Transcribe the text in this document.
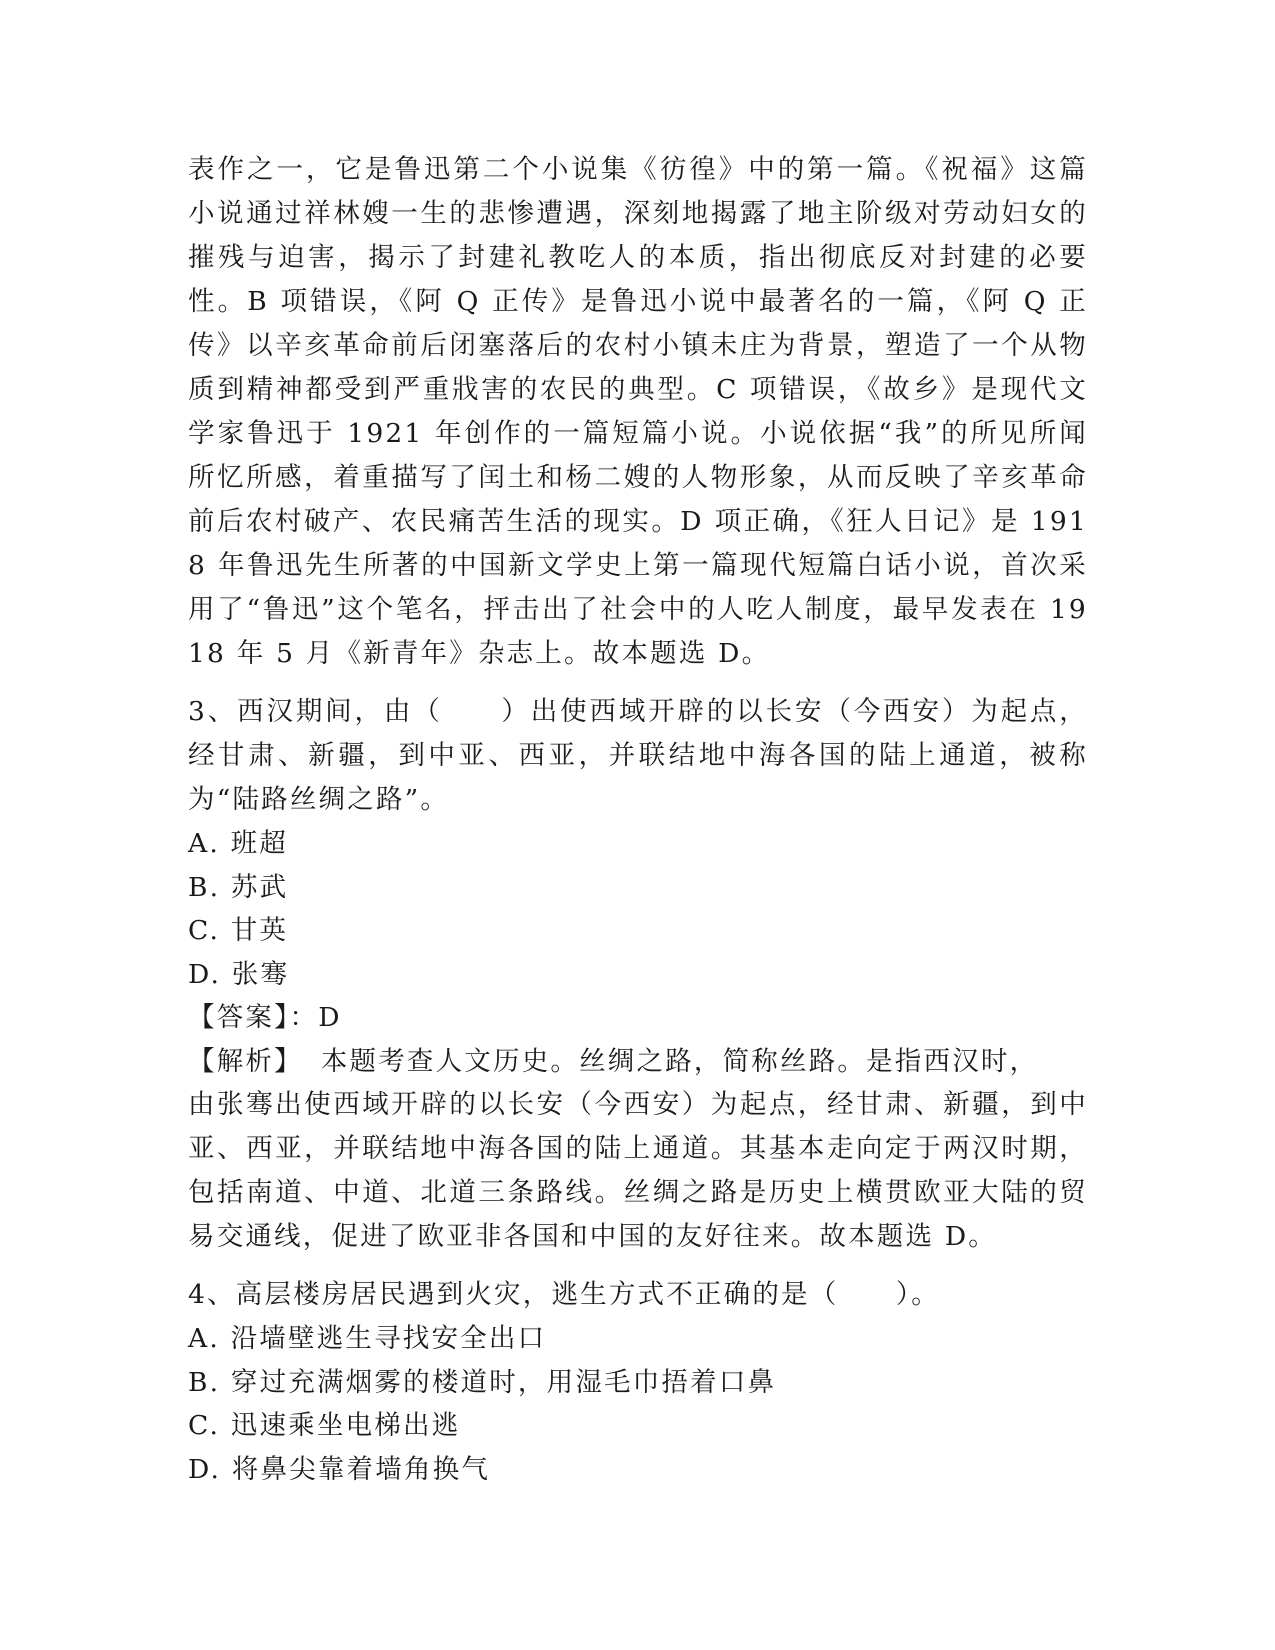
表作之一，它是鲁迅第二个小说集《彷徨》中的第一篇。《祝福》这篇小说通过祥林嫂一生的悲惨遭遇，深刻地揭露了地主阶级对劳动妇女的摧残与迫害，揭示了封建礼教吃人的本质，指出彻底反对封建的必要性。B 项错误，《阿 Q 正传》是鲁迅小说中最著名的一篇，《阿 Q 正传》以辛亥革命前后闭塞落后的农村小镇未庄为背景，塑造了一个从物质到精神都受到严重戕害的农民的典型。C 项错误，《故乡》是现代文学家鲁迅于 1921 年创作的一篇短篇小说。小说依据“我”的所见所闻所忆所感，着重描写了闰土和杨二嫂的人物形象，从而反映了辛亥革命前后农村破产、农民痛苦生活的现实。D 项正确，《狂人日记》是 1918 年鲁迅先生所著的中国新文学史上第一篇现代短篇白话小说，首次采用了“鲁迅”这个笔名，抨击出了社会中的人吃人制度，最早发表在 1918 年 5 月《新青年》杂志上。故本题选 D。

3、西汉期间，由（　　）出使西域开辟的以长安（今西安）为起点，经甘肃、新疆，到中亚、西亚，并联结地中海各国的陆上通道，被称为“陆路丝绸之路”。

A. 班超

B. 苏武

C. 甘英

D. 张骞

【答案】：D

【解析】 本题考查人文历史。丝绸之路，简称丝路。是指西汉时，

由张骞出使西域开辟的以长安（今西安）为起点，经甘肃、新疆，到中亚、西亚，并联结地中海各国的陆上通道。其基本走向定于两汉时期，包括南道、中道、北道三条路线。丝绸之路是历史上横贯欧亚大陆的贸易交通线，促进了欧亚非各国和中国的友好往来。故本题选 D。

4、高层楼房居民遇到火灾，逃生方式不正确的是（　　）。

A. 沿墙壁逃生寻找安全出口

B. 穿过充满烟雾的楼道时，用湿毛巾捂着口鼻

C. 迅速乘坐电梯出逃

D. 将鼻尖靠着墙角换气
